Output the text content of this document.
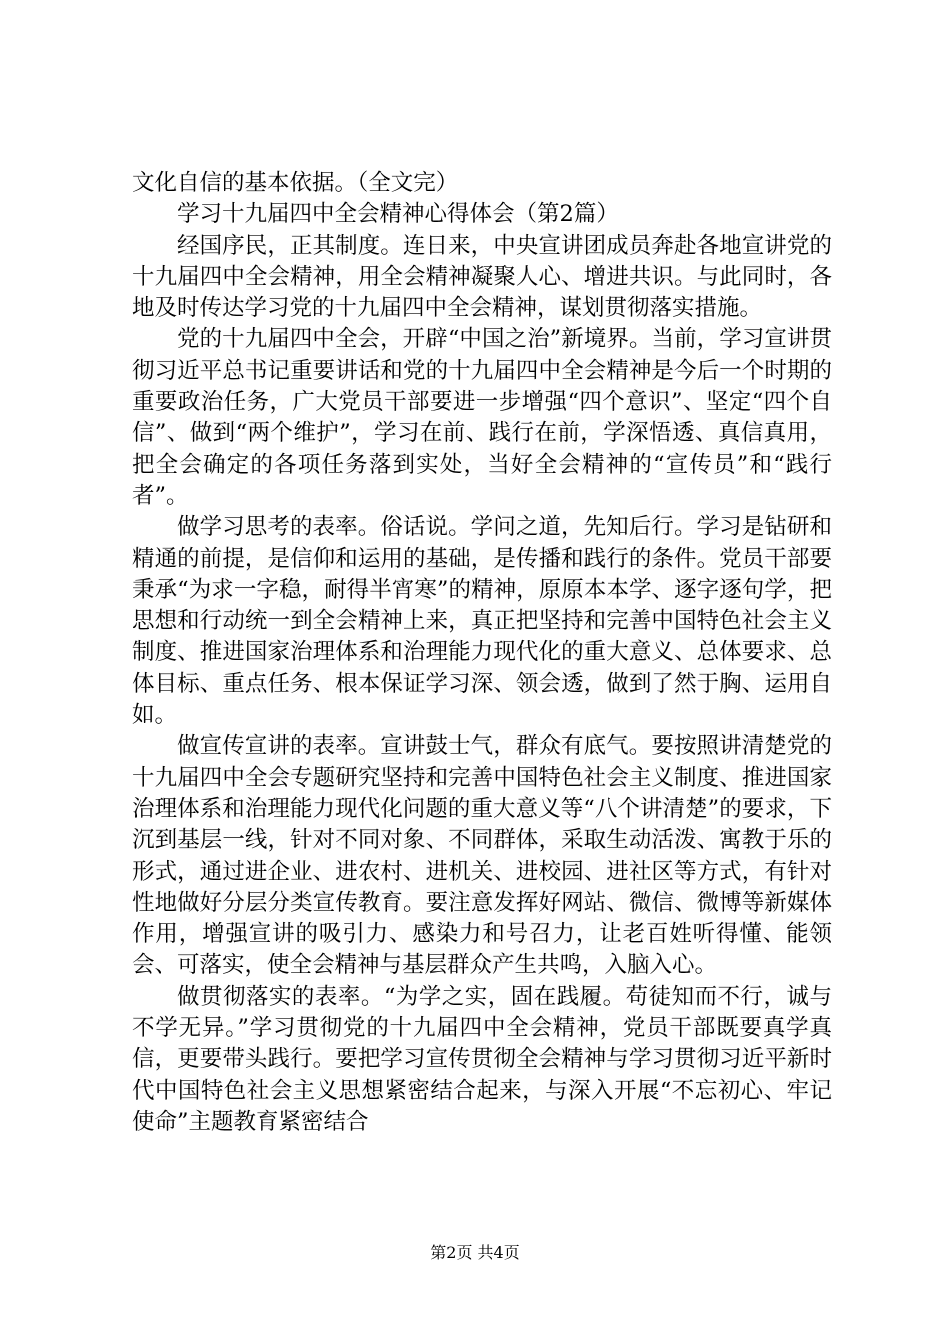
文化自信的基本依据。（全文完）

学习十九届四中全会精神心得体会（第2篇）

经国序民，正其制度。连日来，中央宣讲团成员奔赴各地宣讲党的十九届四中全会精神，用全会精神凝聚人心、增进共识。与此同时，各地及时传达学习党的十九届四中全会精神，谋划贯彻落实措施。

党的十九届四中全会，开辟“中国之治”新境界。当前，学习宣讲贯彻习近平总书记重要讲话和党的十九届四中全会精神是今后一个时期的重要政治任务，广大党员干部要进一步增强“四个意识”、坚定“四个自信”、做到“两个维护”，学习在前、践行在前，学深悟透、真信真用，把全会确定的各项任务落到实处，当好全会精神的“宣传员”和“践行者”。

做学习思考的表率。俗话说。学问之道，先知后行。学习是钻研和精通的前提，是信仰和运用的基础，是传播和践行的条件。党员干部要秉承“为求一字稳，耐得半宵寒”的精神，原原本本学、逐字逐句学，把思想和行动统一到全会精神上来，真正把坚持和完善中国特色社会主义制度、推进国家治理体系和治理能力现代化的重大意义、总体要求、总体目标、重点任务、根本保证学习深、领会透，做到了然于胸、运用自如。

做宣传宣讲的表率。宣讲鼓士气，群众有底气。要按照讲清楚党的十九届四中全会专题研究坚持和完善中国特色社会主义制度、推进国家治理体系和治理能力现代化问题的重大意义等“八个讲清楚”的要求，下沉到基层一线，针对不同对象、不同群体，采取生动活泼、寓教于乐的形式，通过进企业、进农村、进机关、进校园、进社区等方式，有针对性地做好分层分类宣传教育。要注意发挥好网站、微信、微博等新媒体作用，增强宣讲的吸引力、感染力和号召力，让老百姓听得懂、能领会、可落实，使全会精神与基层群众产生共鸣，入脑入心。

做贯彻落实的表率。“为学之实，固在践履。苟徒知而不行，诚与不学无异。”学习贯彻党的十九届四中全会精神，党员干部既要真学真信，更要带头践行。要把学习宣传贯彻全会精神与学习贯彻习近平新时代中国特色社会主义思想紧密结合起来，与深入开展“不忘初心、牢记使命”主题教育紧密结合

第2页 共4页
